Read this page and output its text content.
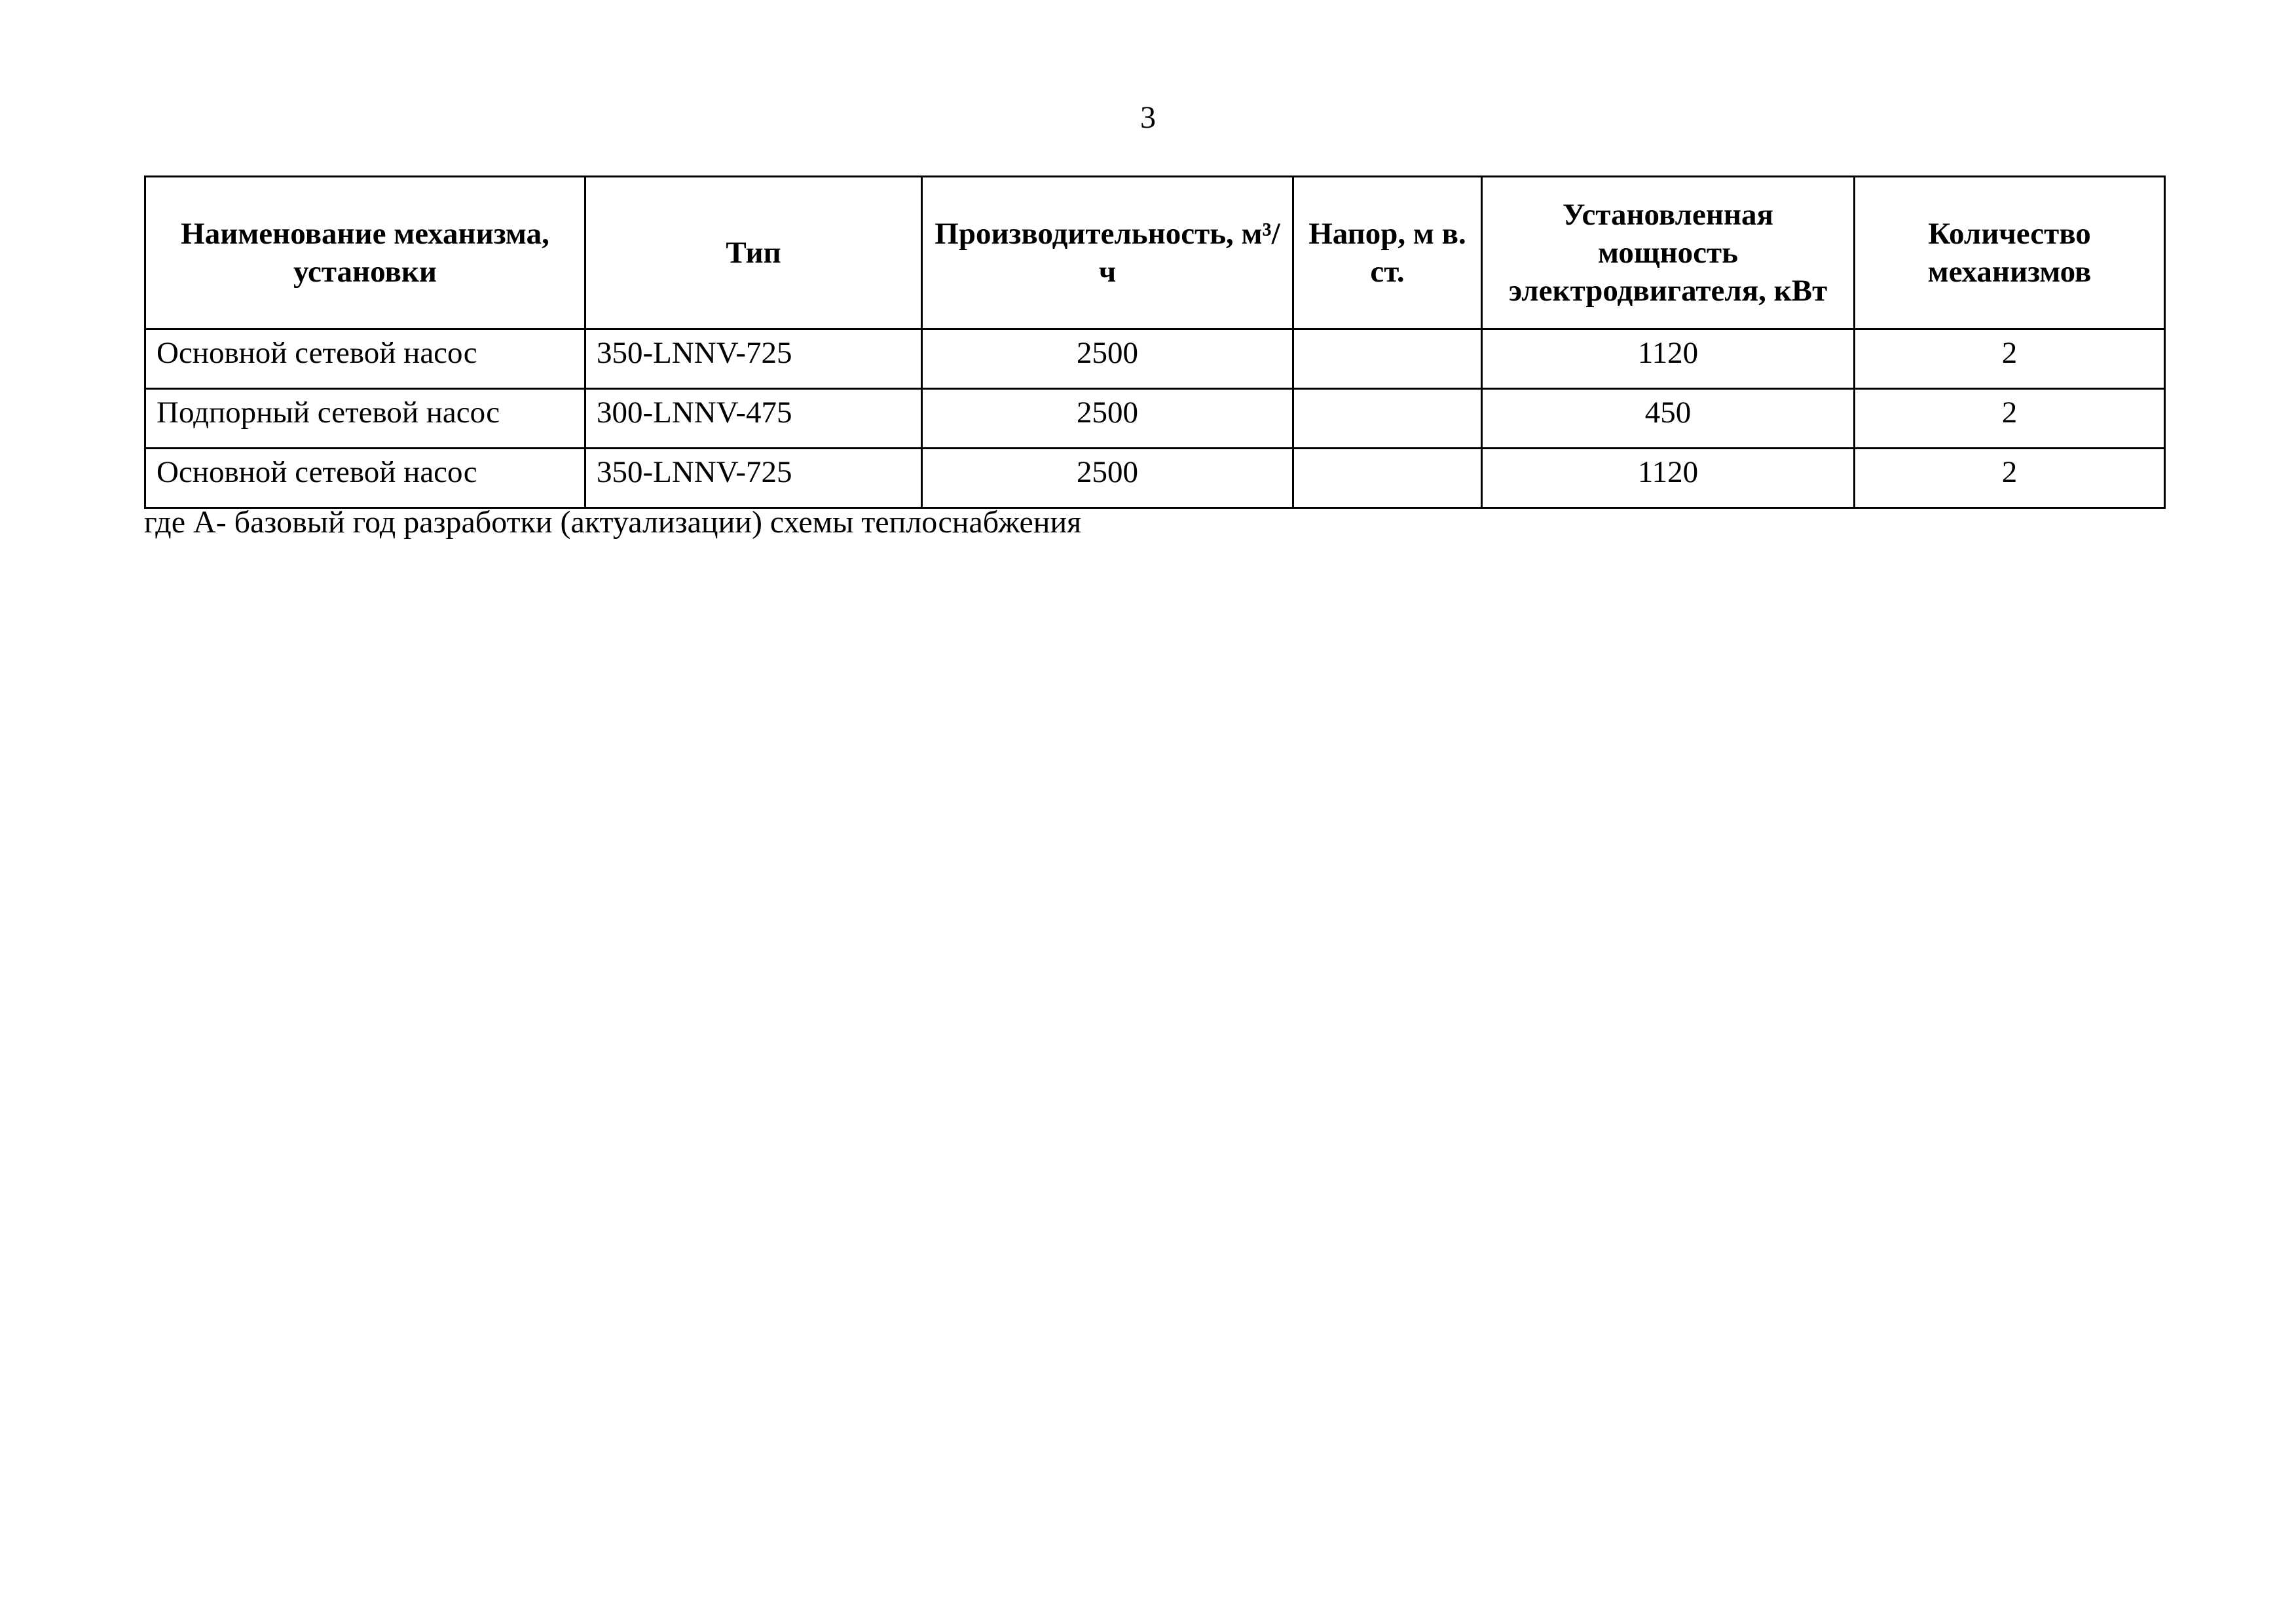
3
Наименование механизма, установки	Тип	Производительность, м³/ч	Напор, м в. ст.	Установленная мощность электродвигателя, кВт	Количество механизмов
Основной сетевой насос	350-LNNV-725	2500		1120	2
Подпорный сетевой насос	300-LNNV-475	2500		450	2
Основной сетевой насос	350-LNNV-725	2500		1120	2
где А- базовый год разработки (актуализации) схемы теплоснабжения
